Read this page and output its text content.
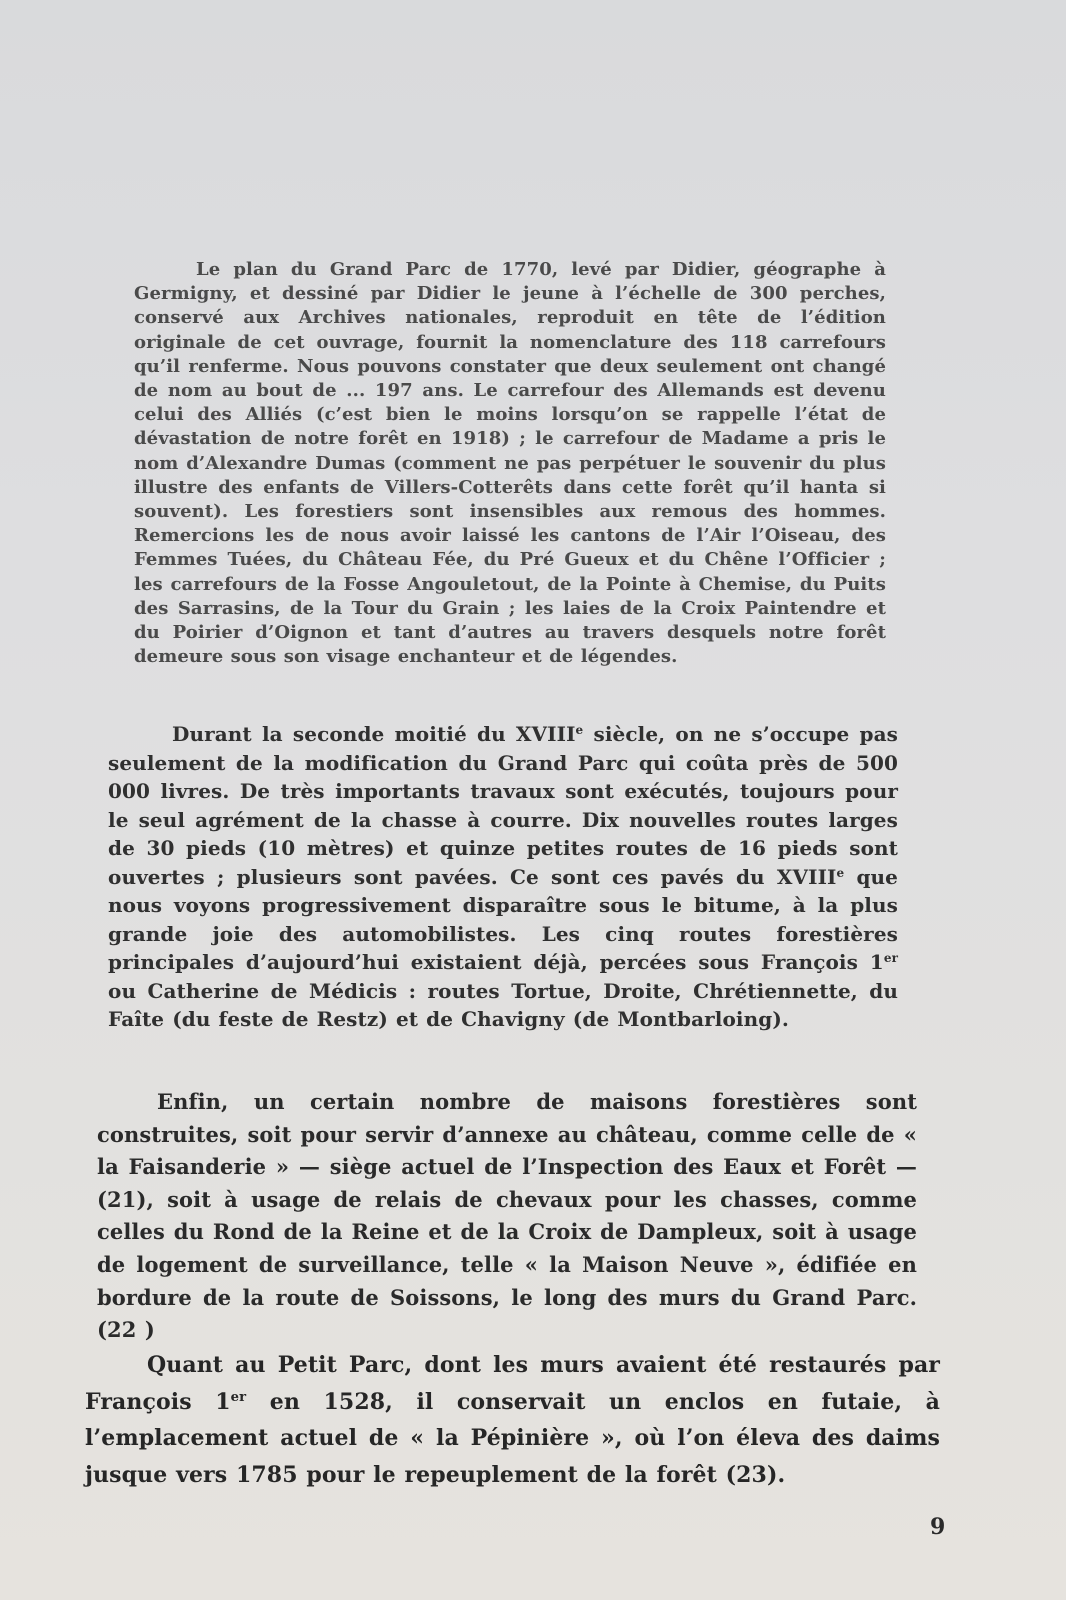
Le plan du Grand Parc de 1770, levé par Didier, géographe à Germigny, et dessiné par Didier le jeune à l’échelle de 300 perches, conservé aux Archives nationales, reproduit en tête de l’édition originale de cet ouvrage, fournit la nomenclature des 118 carrefours qu’il renferme. Nous pouvons constater que deux seulement ont changé de nom au bout de ... 197 ans. Le carrefour des Allemands est devenu celui des Alliés (c’est bien le moins lorsqu’on se rappelle l’état de dévastation de notre forêt en 1918) ; le carrefour de Madame a pris le nom d’Alexandre Dumas (comment ne pas perpétuer le souvenir du plus illustre des enfants de Villers-Cotterêts dans cette forêt qu’il hanta si souvent). Les forestiers sont insensibles aux remous des hommes. Remercions les de nous avoir laissé les cantons de l’Air l’Oiseau, des Femmes Tuées, du Château Fée, du Pré Gueux et du Chêne l’Officier ; les carrefours de la Fosse Angouletout, de la Pointe à Chemise, du Puits des Sarrasins, de la Tour du Grain ; les laies de la Croix Paintendre et du Poirier d’Oignon et tant d’autres au travers desquels notre forêt demeure sous son visage enchanteur et de légendes.

Durant la seconde moitié du XVIIIe siècle, on ne s’occupe pas seulement de la modification du Grand Parc qui coûta près de 500 000 livres. De très importants travaux sont exécutés, toujours pour le seul agrément de la chasse à courre. Dix nouvelles routes larges de 30 pieds (10 mètres) et quinze petites routes de 16 pieds sont ouvertes ; plusieurs sont pavées. Ce sont ces pavés du XVIIIe que nous voyons progressivement disparaître sous le bitume, à la plus grande joie des automobilistes. Les cinq routes forestières principales d’aujourd’hui existaient déjà, percées sous François 1er ou Catherine de Médicis : routes Tortue, Droite, Chrétiennette, du Faîte (du feste de Restz) et de Chavigny (de Montbarloing).

Enfin, un certain nombre de maisons forestières sont construites, soit pour servir d’annexe au château, comme celle de « la Faisanderie » — siège actuel de l’Inspection des Eaux et Forêt — (21), soit à usage de relais de chevaux pour les chasses, comme celles du Rond de la Reine et de la Croix de Dampleux, soit à usage de logement de surveillance, telle « la Maison Neuve », édifiée en bordure de la route de Soissons, le long des murs du Grand Parc. (22 )

Quant au Petit Parc, dont les murs avaient été restaurés par François 1er en 1528, il conservait un enclos en futaie, à l’emplacement actuel de « la Pépinière », où l’on éleva des daims jusque vers 1785 pour le repeuplement de la forêt (23).

9
